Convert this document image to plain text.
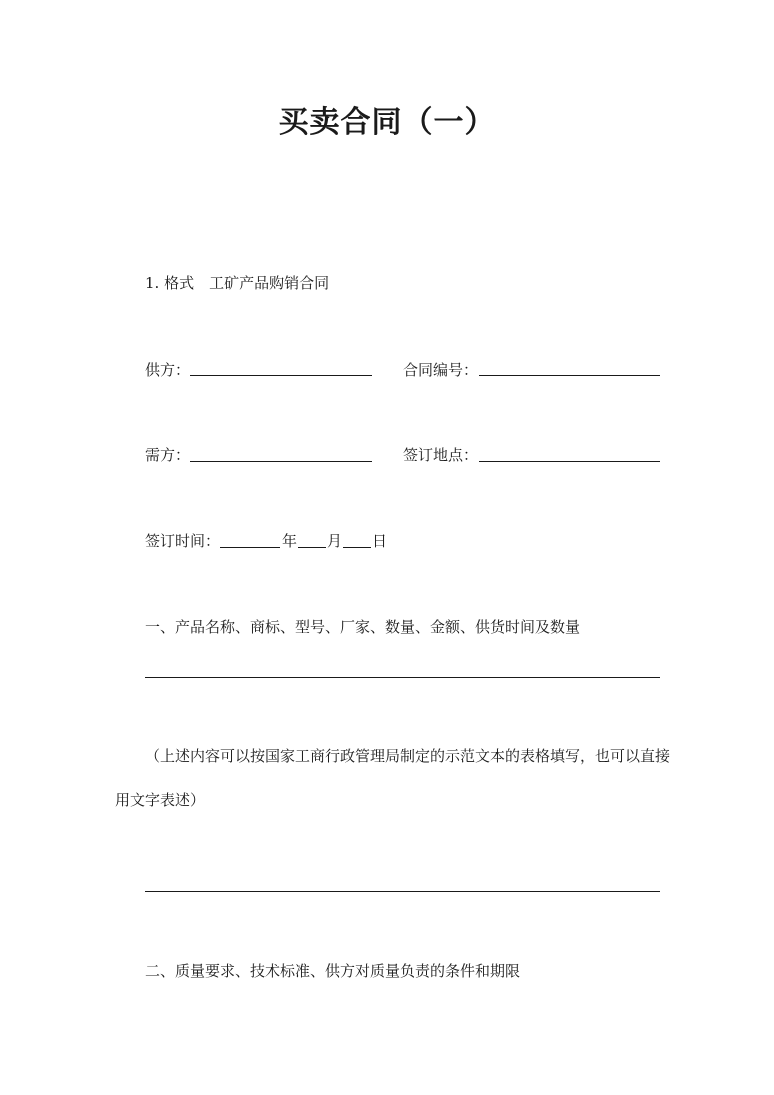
买卖合同（一）
1. 格式　工矿产品购销合同
供方：	合同编号：
需方：	签订地点：
签订时间：	年 月 日
一、产品名称、商标、型号、厂家、数量、金额、供货时间及数量
（上述内容可以按国家工商行政管理局制定的示范文本的表格填写，也可以直接
用文字表述）
二、质量要求、技术标准、供方对质量负责的条件和期限
